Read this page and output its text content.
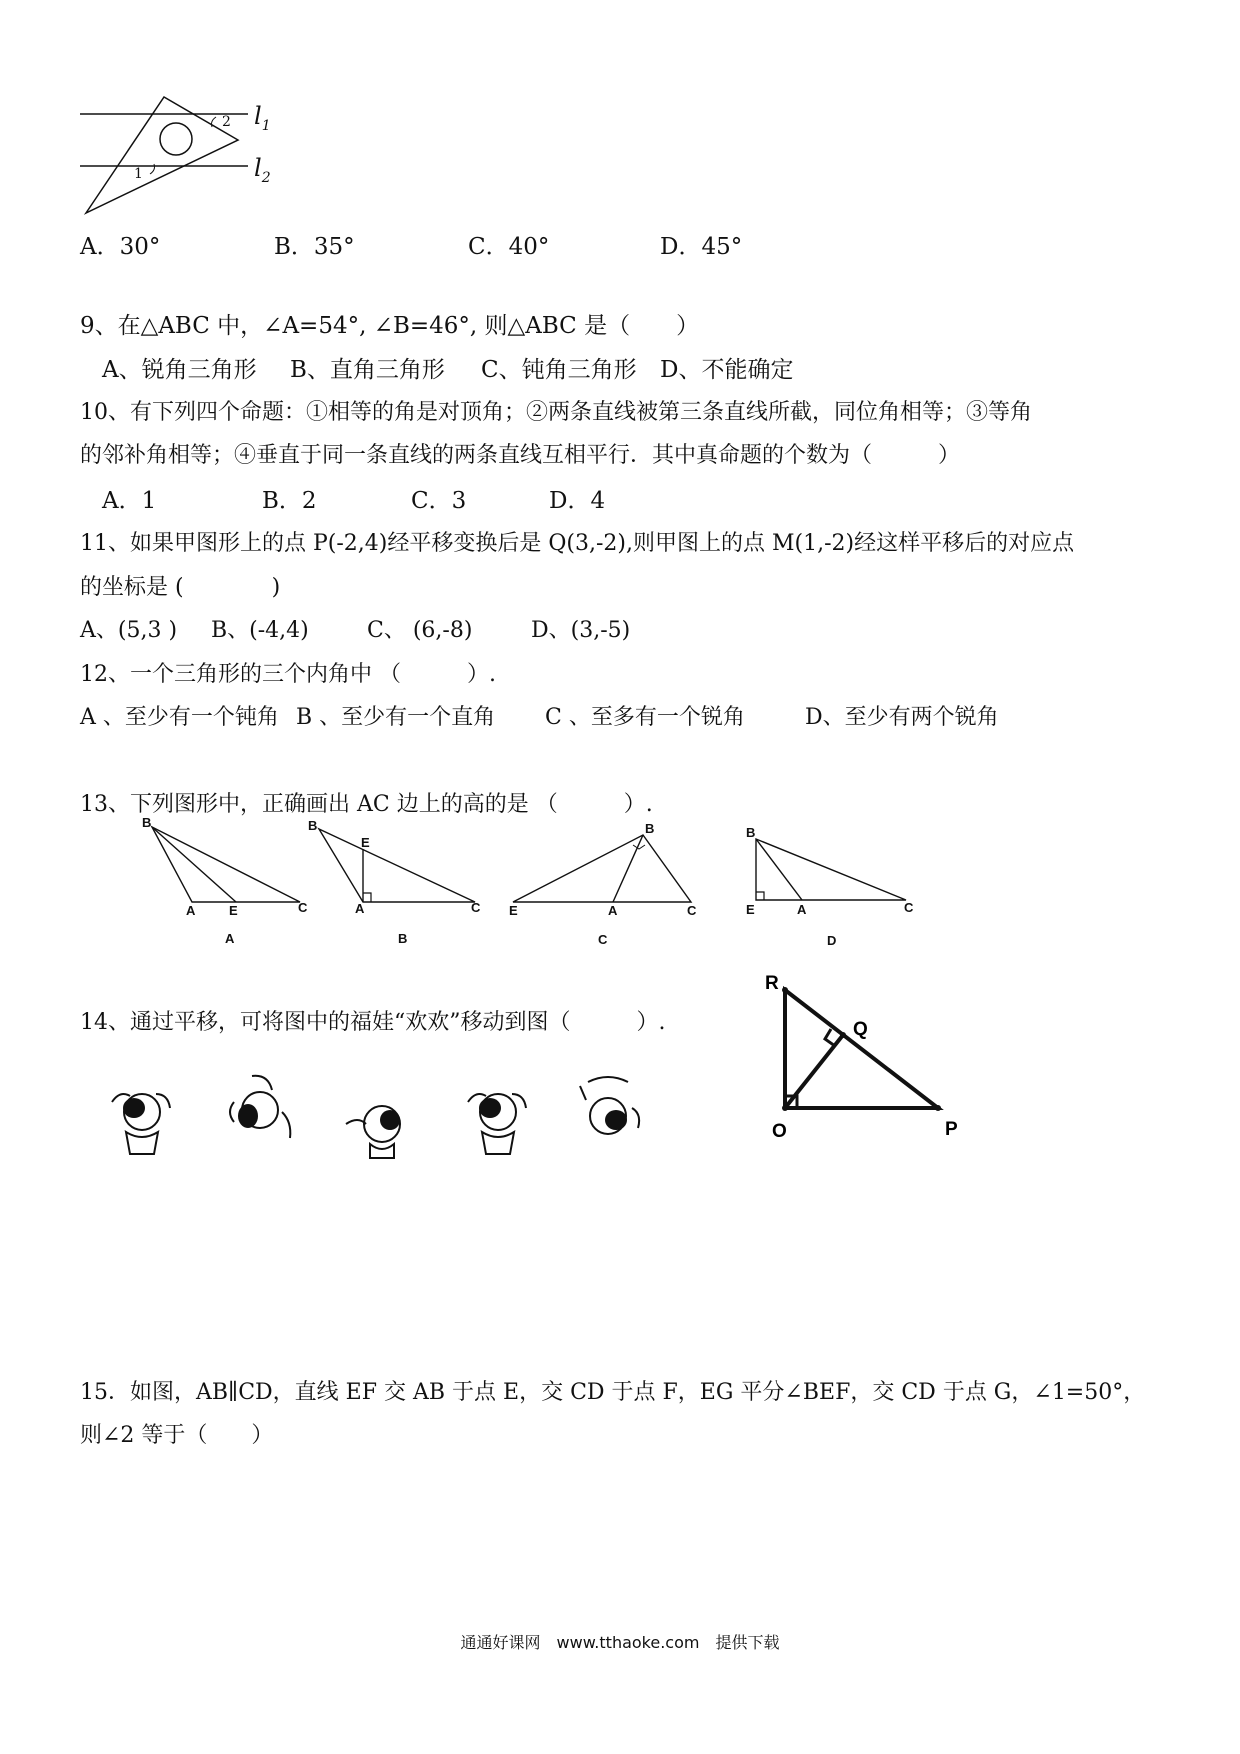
$l_1$
$l_2$
1
2
A．30°	B．35°	C．40°	D．45°
9、在△ABC 中，∠A=54°, ∠B=46°, 则△ABC 是（　　）
A、锐角三角形 B、直角三角形 C、钝角三角形 D、不能确定
10、有下列四个命题：①相等的角是对顶角；②两条直线被第三条直线所截，同位角相等；③等角
的邻补角相等；④垂直于同一条直线的两条直线互相平行．其中真命题的个数为（　　　）
A．1	B．2	C．3	D．4
11、如果甲图形上的点 P(-2,4)经平移变换后是 Q(3,-2),则甲图上的点 M(1,-2)经这样平移后的对应点
的坐标是 (　　　　)
A、(5,3 ) B、(-4,4)	C、 (6,-8)	D、(3,-5)
12、一个三角形的三个内角中 （　　　）.
A 、至少有一个钝角 B 、至少有一个直角 C 、至多有一个锐角	D、至少有两个锐角
13、下列图形中，正确画出 AC 边上的高的是 （　　　）.
B
A	E	C
A
B
E
A	C
B
B
E	A	C
C
B
E	A	C
D
14、通过平移，可将图中的福娃“欢欢”移动到图（　　　）.
R
Q
O	P
15．如图，AB∥CD，直线 EF 交 AB 于点 E，交 CD 于点 F，EG 平分∠BEF，交 CD 于点 G，∠1=50°，
则∠2 等于（　　）
通通好课网　www.tthaoke.com　提供下载
